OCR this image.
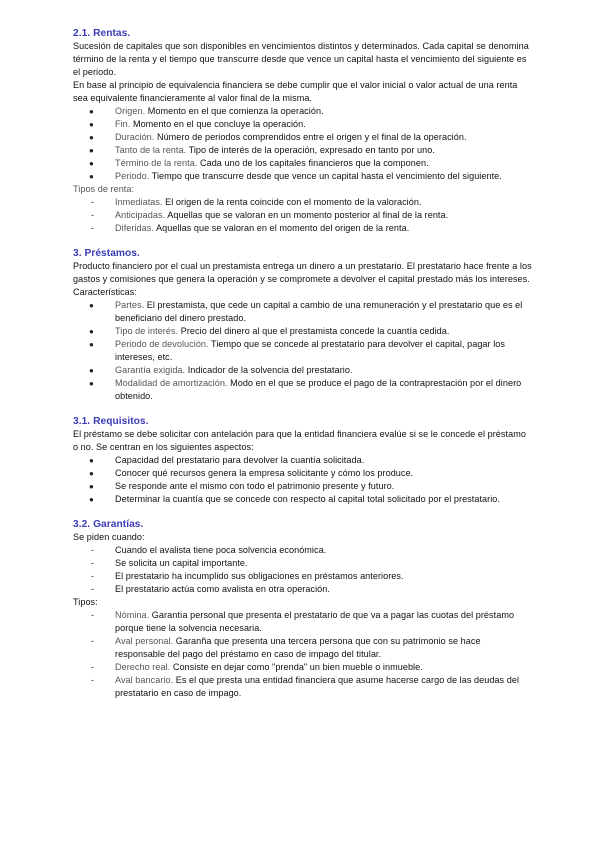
2.1. Rentas.

Sucesión de capitales que son disponibles en vencimientos distintos y determinados. Cada capital se denomina término de la renta y el tiempo que transcurre desde que vence un capital hasta el vencimiento del siguiente es el periodo.

En base al principio de equivalencia financiera se debe cumplir que el valor inicial o valor actual de una renta sea equivalente financieramente al valor final de la misma.

●	Origen. Momento en el que comienza la operación.
●	Fin. Momento en el que concluye la operación.
●	Duración. Número de periodos comprendidos entre el origen y el final de la operación.
●	Tanto de la renta. Tipo de interés de la operación, expresado en tanto por uno.
●	Término de la renta. Cada uno de los capitales financieros que la componen.
●	Periodo. Tiempo que transcurre desde que vence un capital hasta el vencimiento del siguiente.

Tipos de renta:

-	Inmediatas. El origen de la renta coincide con el momento de la valoración.
-	Anticipadas. Aquellas que se valoran en un momento posterior al final de la renta.
-	Diferidas. Aquellas que se valoran en el momento del origen de la renta.
3. Préstamos.

Producto financiero por el cual un prestamista entrega un dinero a un prestatario. El prestatario hace frente a los gastos y comisiones que genera la operación y se compromete a devolver el capital prestado más los intereses.

Características:

●	Partes. El prestamista, que cede un capital a cambio de una remuneración y el prestatario que es el beneficiario del dinero prestado.
●	Tipo de interés. Precio del dinero al que el prestamista concede la cuantía cedida.
●	Periodo de devolución. Tiempo que se concede al prestatario para devolver el capital, pagar los intereses, etc.
●	Garantía exigida. Indicador de la solvencia del prestatario.
●	Modalidad de amortización. Modo en el que se produce el pago de la contraprestación por el dinero obtenido.
3.1. Requisitos.

El préstamo se debe solicitar con antelación para que la entidad financiera evalúe si se le concede el préstamo o no. Se centran en los siguientes aspectos:

●	Capacidad del prestatario para devolver la cuantía solicitada.
●	Conocer qué recursos genera la empresa solicitante y cómo los produce.
●	Se responde ante el mismo con todo el patrimonio presente y futuro.
●	Determinar la cuantía que se concede con respecto al capital total solicitado por el prestatario.
3.2. Garantías.

Se piden cuando:

-	Cuando el avalista tiene poca solvencia económica.
-	Se solicita un capital importante.
-	El prestatario ha incumplido sus obligaciones en préstamos anteriores.
-	El prestatario actúa como avalista en otra operación.

Tipos:

-	Nómina. Garantía personal que presenta el prestatario de que va a pagar las cuotas del préstamo porque tiene la solvencia necesaria.
-	Aval personal. Garanña que presenta una tercera persona que con su patrimonio se hace responsable del pago del préstamo en caso de impago del titular.
-	Derecho real. Consiste en dejar como "prenda" un bien mueble o inmueble.
-	Aval bancario. Es el que presta una entidad financiera que asume hacerse cargo de las deudas del prestatario en caso de impago.
